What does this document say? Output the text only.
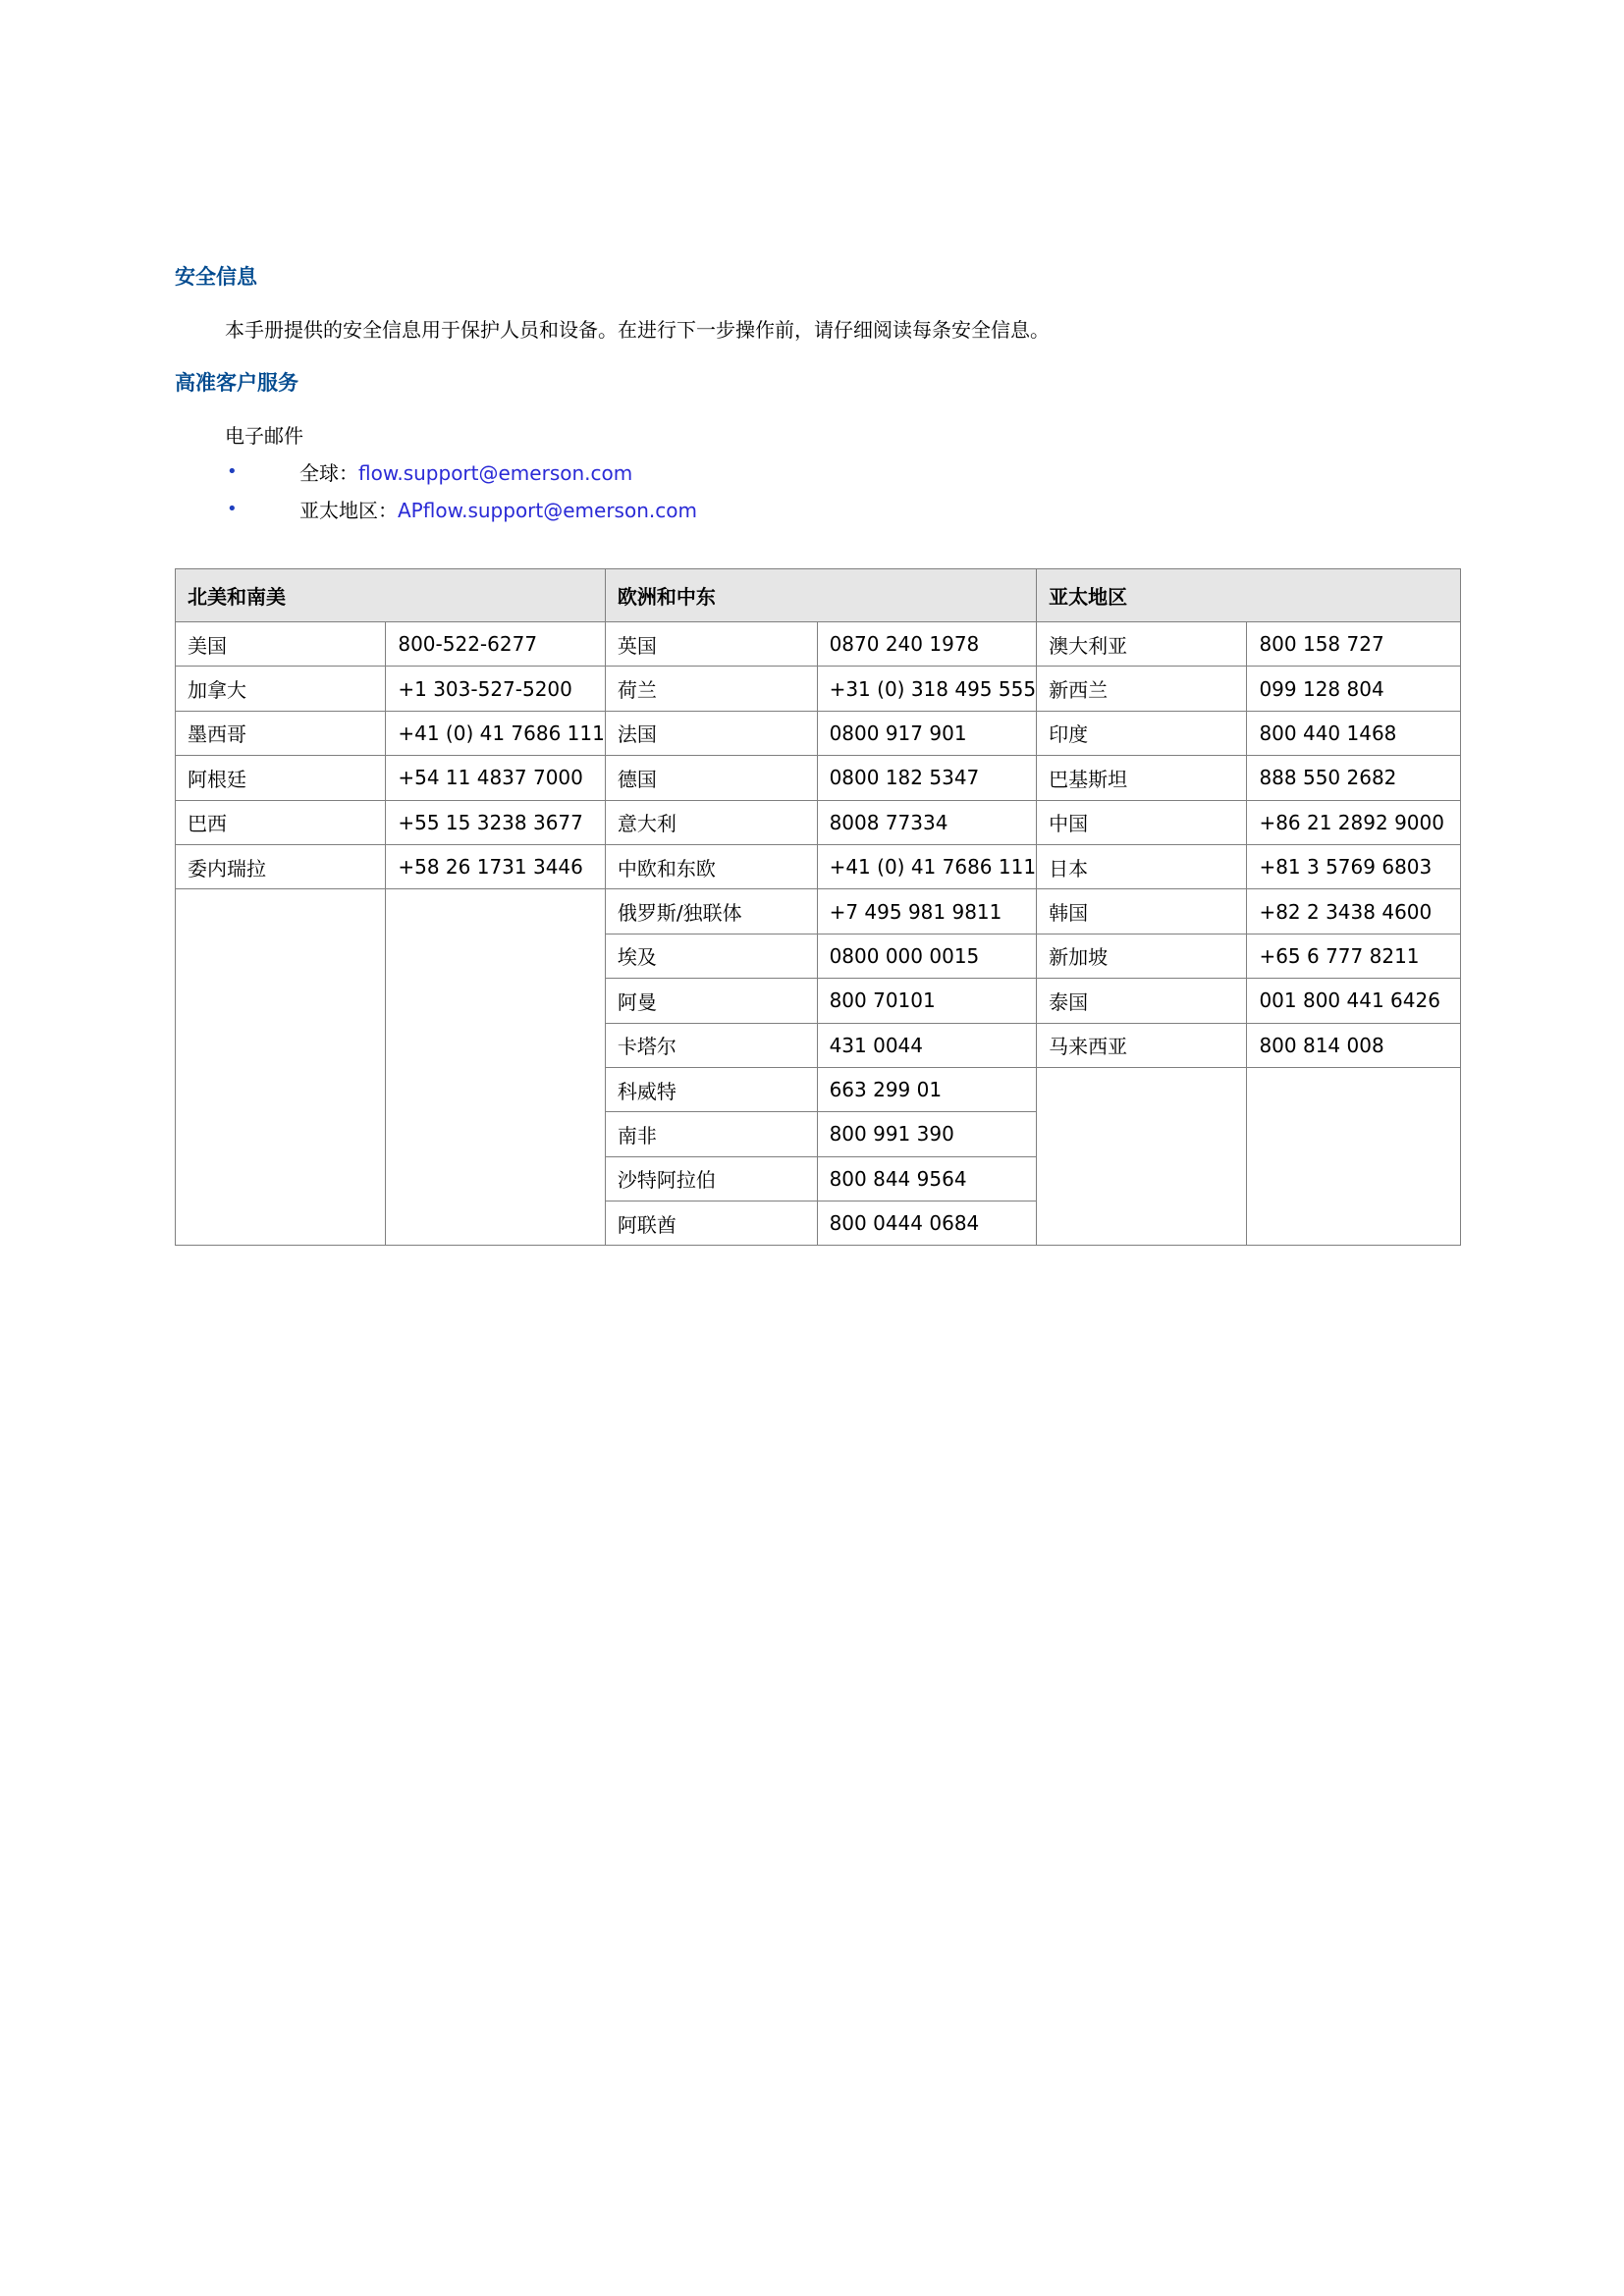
安全信息

本手册提供的安全信息用于保护人员和设备。在进行下一步操作前，请仔细阅读每条安全信息。

高准客户服务

电子邮件

•	全球：flow.support@emerson.com
•	亚太地区：APflow.support@emerson.com
北美和南美		欧洲和中东		亚太地区	
美国	800-522-6277	英国	0870 240 1978	澳大利亚	800 158 727
加拿大	+1 303-527-5200	荷兰	+31 (0) 318 495 555	新西兰	099 128 804
墨西哥	+41 (0) 41 7686 111	法国	0800 917 901	印度	800 440 1468
阿根廷	+54 11 4837 7000	德国	0800 182 5347	巴基斯坦	888 550 2682
巴西	+55 15 3238 3677	意大利	8008 77334	中国	+86 21 2892 9000
委内瑞拉	+58 26 1731 3446	中欧和东欧	+41 (0) 41 7686 111	日本	+81 3 5769 6803
		俄罗斯/独联体	+7 495 981 9811	韩国	+82 2 3438 4600
		埃及	0800 000 0015	新加坡	+65 6 777 8211
		阿曼	800 70101	泰国	001 800 441 6426
		卡塔尔	431 0044	马来西亚	800 814 008
		科威特	663 299 01		
		南非	800 991 390		
		沙特阿拉伯	800 844 9564		
		阿联酋	800 0444 0684		
